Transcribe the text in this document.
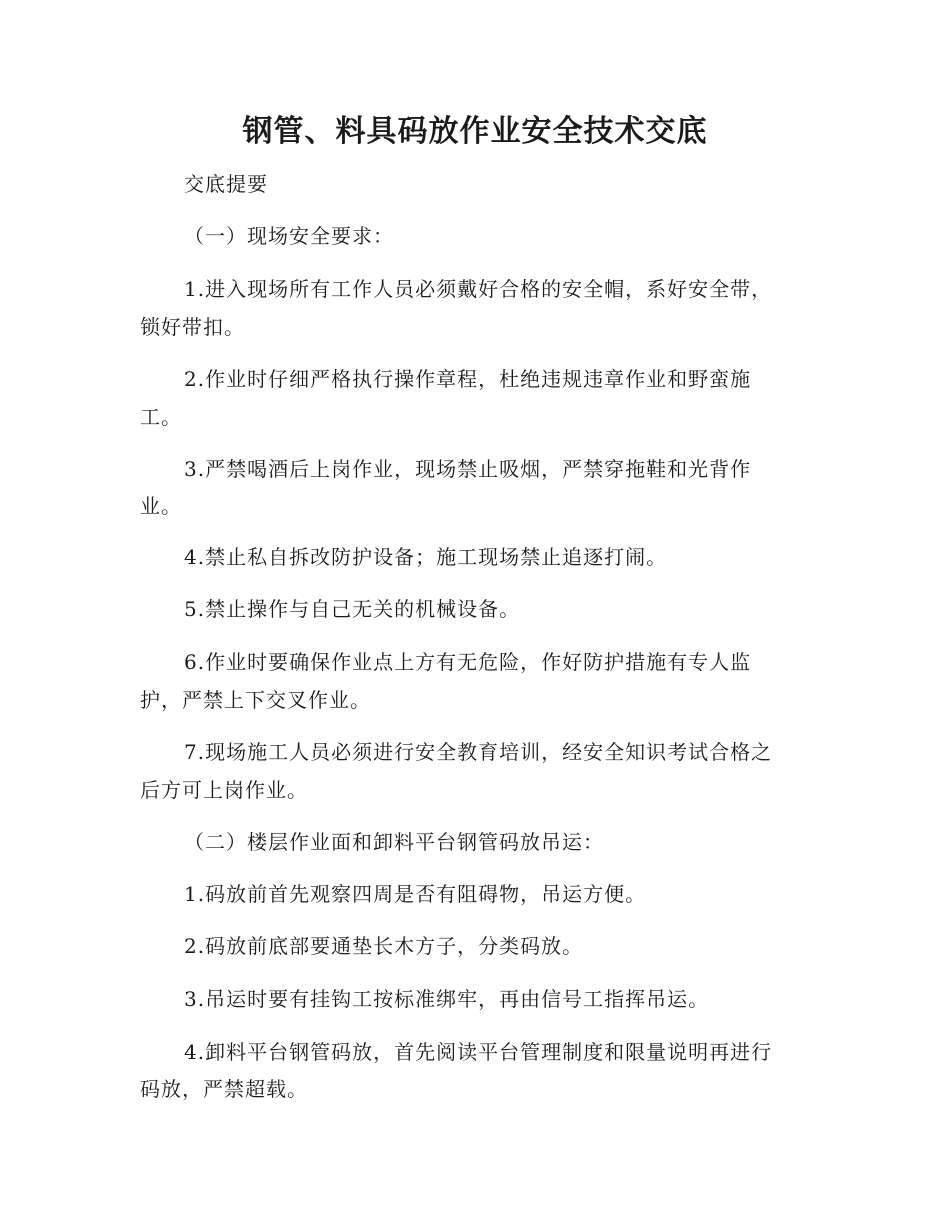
钢管、料具码放作业安全技术交底

交底提要

（一）现场安全要求：

1.进入现场所有工作人员必须戴好合格的安全帽，系好安全带，

锁好带扣。

2.作业时仔细严格执行操作章程，杜绝违规违章作业和野蛮施

工。

3.严禁喝酒后上岗作业，现场禁止吸烟，严禁穿拖鞋和光背作

业。

4.禁止私自拆改防护设备；施工现场禁止追逐打闹。

5.禁止操作与自己无关的机械设备。

6.作业时要确保作业点上方有无危险，作好防护措施有专人监

护，严禁上下交叉作业。

7.现场施工人员必须进行安全教育培训，经安全知识考试合格之

后方可上岗作业。

（二）楼层作业面和卸料平台钢管码放吊运：

1.码放前首先观察四周是否有阻碍物，吊运方便。

2.码放前底部要通垫长木方子，分类码放。

3.吊运时要有挂钩工按标准绑牢，再由信号工指挥吊运。

4.卸料平台钢管码放，首先阅读平台管理制度和限量说明再进行

码放，严禁超载。
